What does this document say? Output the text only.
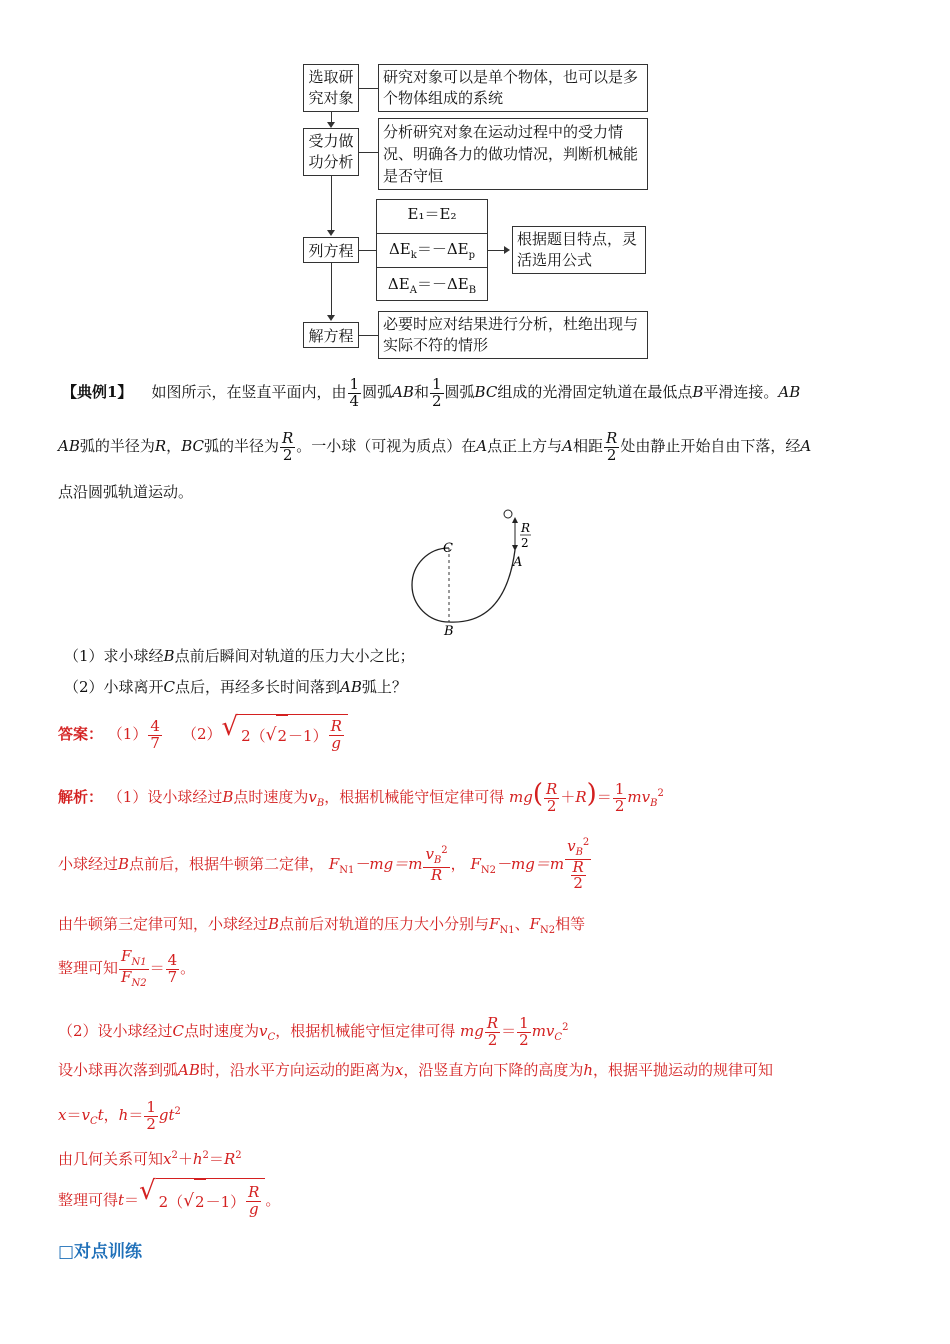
选取研究对象
研究对象可以是单个物体，也可以是多个物体组成的系统
受力做功分析
分析研究对象在运动过程中的受力情况、明确各力的做功情况，判断机械能是否守恒
列方程
E₁＝E₂
$\Delta E_k=-\Delta E_p$
$\Delta E_A=-\Delta E_B$
根据题目特点，灵活选用公式
解方程
必要时应对结果进行分析，杜绝出现与实际不符的情形
【典例1】 如图所示，在竖直平面内，由 $\frac{1}{4}$ 圆弧AB和 $\frac{1}{2}$ 圆弧BC组成的光滑固定轨道在最低点B平滑连接。AB
AB弧的半径为R，BC弧的半径为 $\frac{R}{2}$ 。一小球（可视为质点）在A点正上方与A相距 $\frac{R}{2}$ 处由静止开始自由下落，经A
点沿圆弧轨道运动。
C
B
A
R
2
（1）求小球经B点前后瞬间对轨道的压力大小之比；
（2）小球离开C点后，再经多长时间落到AB弧上？
答案： $(1) \frac{4}{7} (2)$ √ 2（ √ $2 -1) \frac{R}{g}$
解析： （1）设小球经过B点时速度为$v_B$，根据机械能守恒定律可得 $mg( \frac{R}{2} +R)= \frac{1}{2} mv_B^2$
小球经过B点前后，根据牛顿第二定律， $F_{N1}-mg=m \frac{v_B^2}{R}$ ， $F_{N2}-mg=m \frac{v_B^2}{\frac{R}{2}}$
由牛顿第三定律可知，小球经过B点前后对轨道的压力大小分别与$F_{N1}$、$F_{N2}$相等
整理可知 $\frac{F_{N1}}{F_{N2}} = \frac{4}{7}$ 。
（2）设小球经过C点时速度为$v_C$，根据机械能守恒定律可得 mg $\frac{R}{2} = \frac{1}{2} mv_C^2$
设小球再次落到弧AB时，沿水平方向运动的距离为x，沿竖直方向下降的高度为h，根据平抛运动的规律可知
$x=v_Ct$，$h= \frac{1}{2} gt^2$
由几何关系可知$x^2+h^2=R^2$
整理可得t＝ √ 2（ √ $2 -1) \frac{R}{g}$ 。
□对点训练
